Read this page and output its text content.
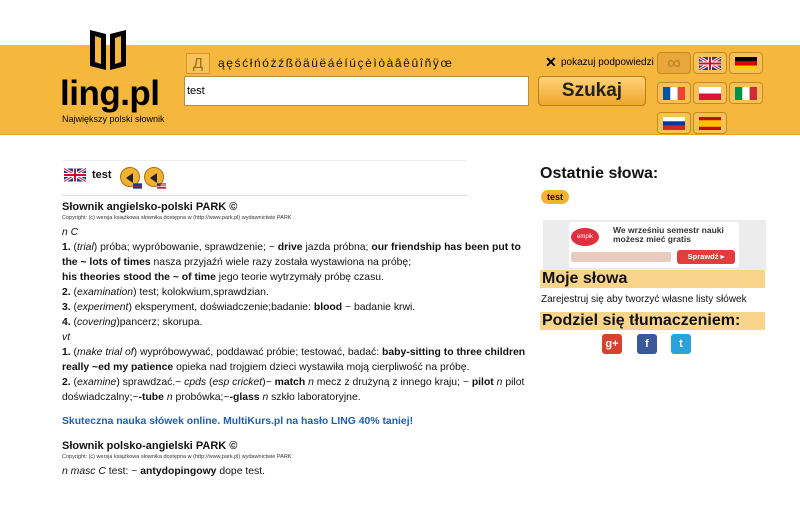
ling.pl
Największy polski słownik
Д	ąęśćłńóżźßöäüëáéíúçèìòàâêûîñÿœ	✕ pokazuj podpowiedzi
test
Szukaj
∞
test
Słownik angielsko-polski PARK ©
Copyright: (c) wersja książkowa słownika dostępna w (http://www.park.pl) wydawnictwie PARK
n C
1. (trial) próba; wypróbowanie, sprawdzenie; ~ drive jazda próbna; our friendship has been put to the ~ lots of times nasza przyjaźń wiele razy została wystawiona na próbę;
his theories stood the ~ of time jego teorie wytrzymały próbę czasu.
2. (examination) test; kolokwium,sprawdzian.
3. (experiment) eksperyment, doświadczenie;badanie: blood ~ badanie krwi.
4. (covering)pancerz; skorupa.
vt
1. (make trial of) wypróbowywać, poddawać próbie; testować, badać: baby-sitting to three children really ~ed my patience opieka nad trojgiem dzieci wystawiła moją cierpliwość na próbę.
2. (examine) sprawdzać.~ cpds (esp cricket)~ match n mecz z drużyną z innego kraju; ~ pilot n pilot doświadczalny;~-tube n probówka;~-glass n szkło laboratoryjne.
Skuteczna nauka słówek online. MultiKurs.pl na hasło LING 40% taniej!
Słownik polsko-angielski PARK ©
Copyright: (c) wersja książkowa słownika dostępna w (http://www.park.pl) wydawnictwie PARK
n masc C test: ~ antydopingowy dope test.
Ostatnie słowa:
test
empik
We wrześniu semestr nauki
możesz mieć gratis
Sprawdź ▸
Moje słowa
Zarejestruj się aby tworzyć własne listy słówek
Podziel się tłumaczeniem:
g+	f	t
